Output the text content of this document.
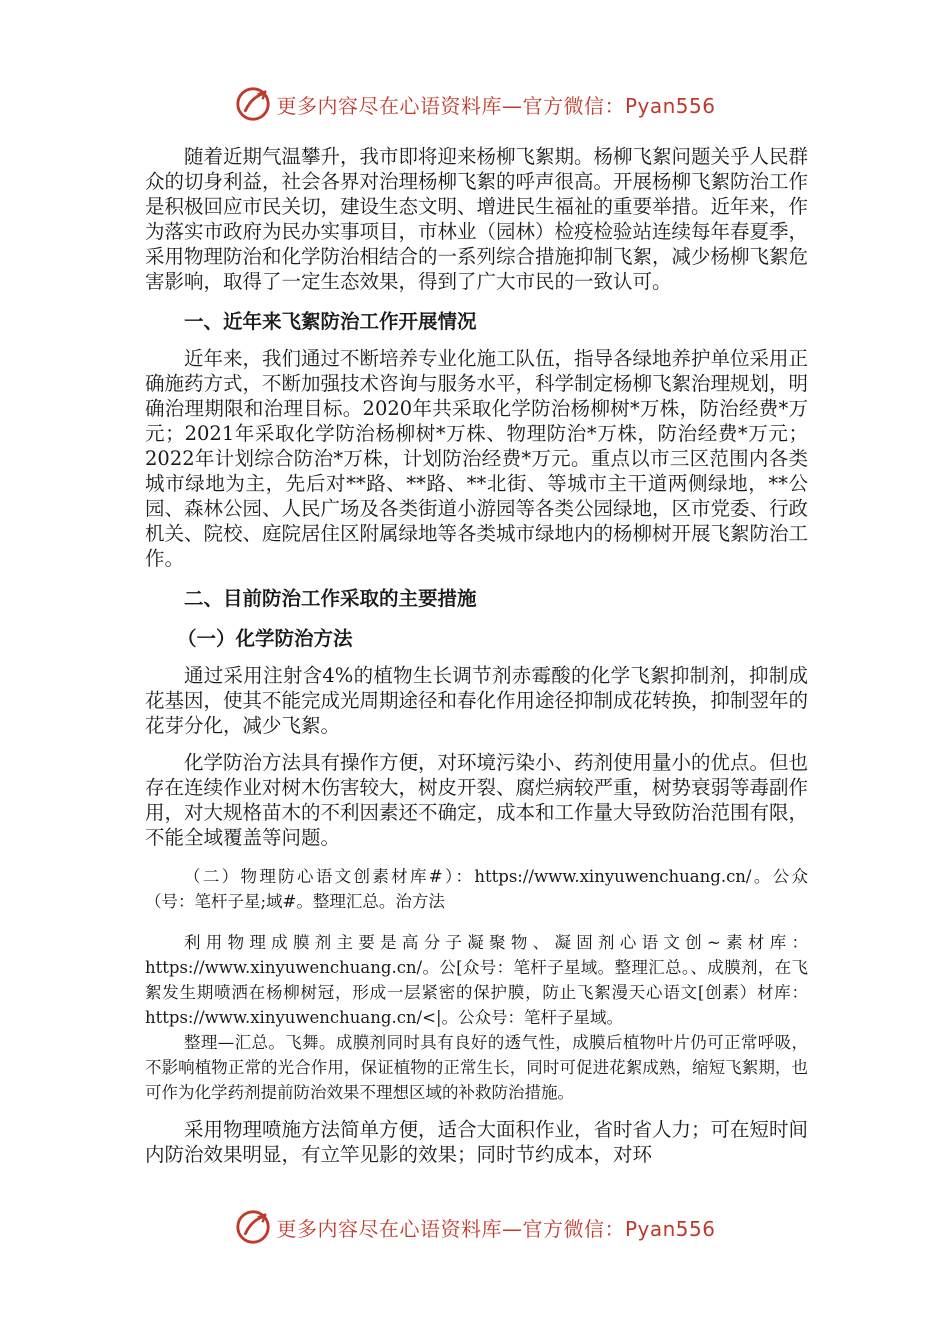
更多内容尽在心语资料库—官方微信：Pyan556

随着近期气温攀升，我市即将迎来杨柳飞絮期。杨柳飞絮问题关乎人民群众的切身利益，社会各界对治理杨柳飞絮的呼声很高。开展杨柳飞絮防治工作是积极回应市民关切，建设生态文明、增进民生福祉的重要举措。近年来，作为落实市政府为民办实事项目，市林业（园林）检疫检验站连续每年春夏季，采用物理防治和化学防治相结合的一系列综合措施抑制飞絮，减少杨柳飞絮危害影响，取得了一定生态效果，得到了广大市民的一致认可。

一、近年来飞絮防治工作开展情况

近年来，我们通过不断培养专业化施工队伍，指导各绿地养护单位采用正确施药方式，不断加强技术咨询与服务水平，科学制定杨柳飞絮治理规划，明确治理期限和治理目标。2020年共采取化学防治杨柳树*万株，防治经费*万元；2021年采取化学防治杨柳树*万株、物理防治*万株，防治经费*万元；2022年计划综合防治*万株，计划防治经费*万元。重点以市三区范围内各类城市绿地为主，先后对**路、**路、**北街、等城市主干道两侧绿地，**公园、森林公园、人民广场及各类街道小游园等各类公园绿地，区市党委、行政机关、院校、庭院居住区附属绿地等各类城市绿地内的杨柳树开展飞絮防治工作。

二、目前防治工作采取的主要措施

（一）化学防治方法

通过采用注射含4%的植物生长调节剂赤霉酸的化学飞絮抑制剂，抑制成花基因，使其不能完成光周期途径和春化作用途径抑制成花转换，抑制翌年的花芽分化，减少飞絮。

化学防治方法具有操作方便，对环境污染小、药剂使用量小的优点。但也存在连续作业对树木伤害较大，树皮开裂、腐烂病较严重，树势衰弱等毒副作用，对大规格苗木的不利因素还不确定，成本和工作量大导致防治范围有限，不能全域覆盖等问题。

（二）物理防心语文创素材库#）：https://www.xinyuwenchuang.cn/。公众（号：笔杆子星;域#。整理汇总。治方法

利用物理成膜剂主要是高分子凝聚物、凝固剂心语文创~素材库：https://www.xinyuwenchuang.cn/。公[众号：笔杆子星域。整理汇总。、成膜剂，在飞絮发生期喷洒在杨柳树冠，形成一层紧密的保护膜，防止飞絮漫天心语文[创素）材库：https://www.xinyuwenchuang.cn/<|。公众号：笔杆子星域。

整理—汇总。飞舞。成膜剂同时具有良好的透气性，成膜后植物叶片仍可正常呼吸，不影响植物正常的光合作用，保证植物的正常生长，同时可促进花絮成熟，缩短飞絮期，也可作为化学药剂提前防治效果不理想区域的补救防治措施。

采用物理喷施方法简单方便，适合大面积作业，省时省人力；可在短时间内防治效果明显，有立竿见影的效果；同时节约成本，对环

更多内容尽在心语资料库—官方微信：Pyan556
